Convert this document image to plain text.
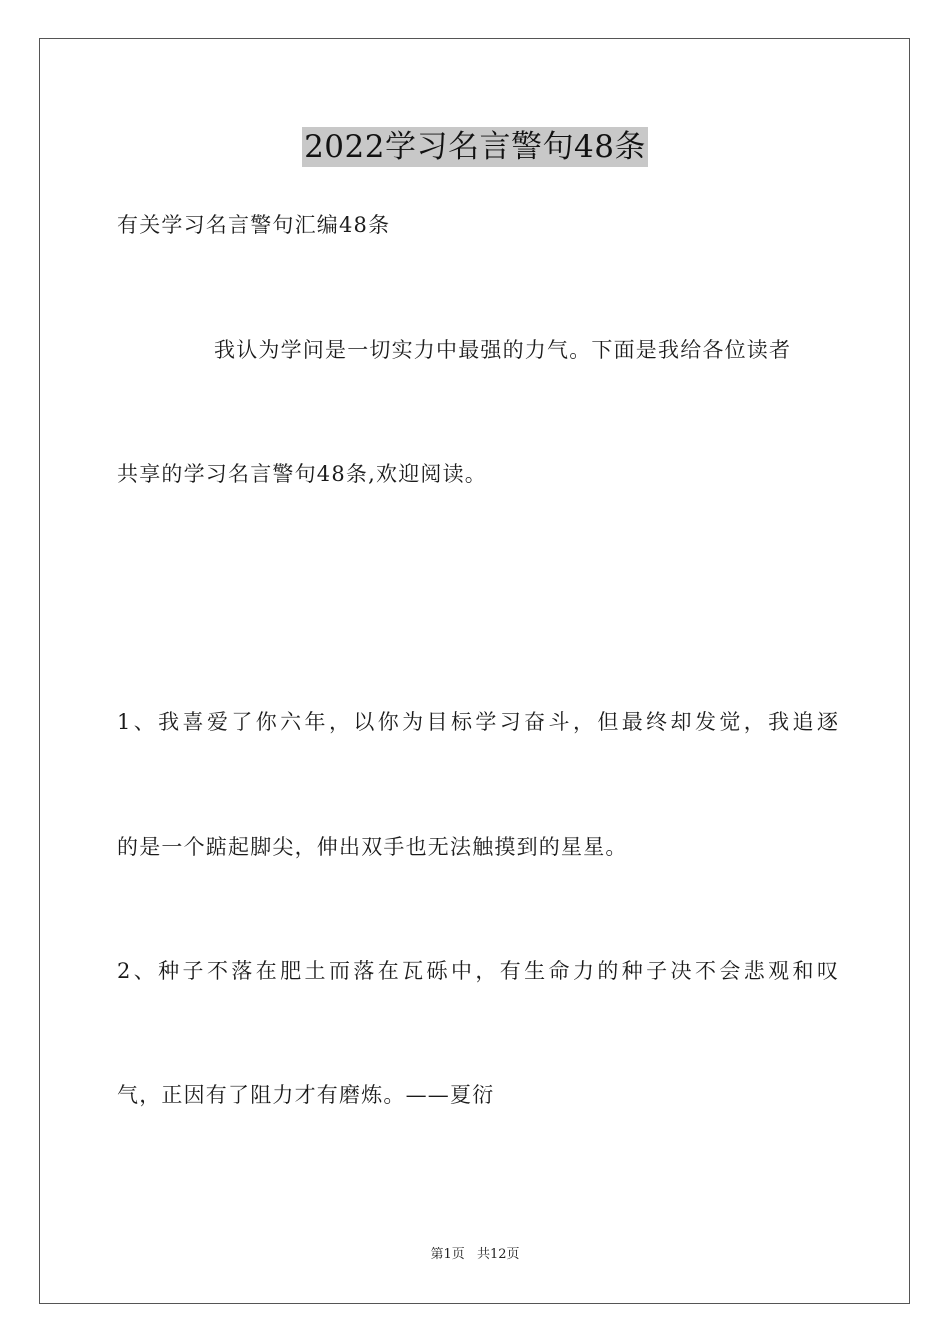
2022学习名言警句48条
有关学习名言警句汇编48条
我认为学问是一切实力中最强的力气。下面是我给各位读者
共享的学习名言警句48条,欢迎阅读。
1、我喜爱了你六年，以你为目标学习奋斗，但最终却发觉，我追逐
的是一个踮起脚尖，伸出双手也无法触摸到的星星。
2、种子不落在肥土而落在瓦砾中，有生命力的种子决不会悲观和叹
气，正因有了阻力才有磨炼。——夏衍
第1页 共12页
